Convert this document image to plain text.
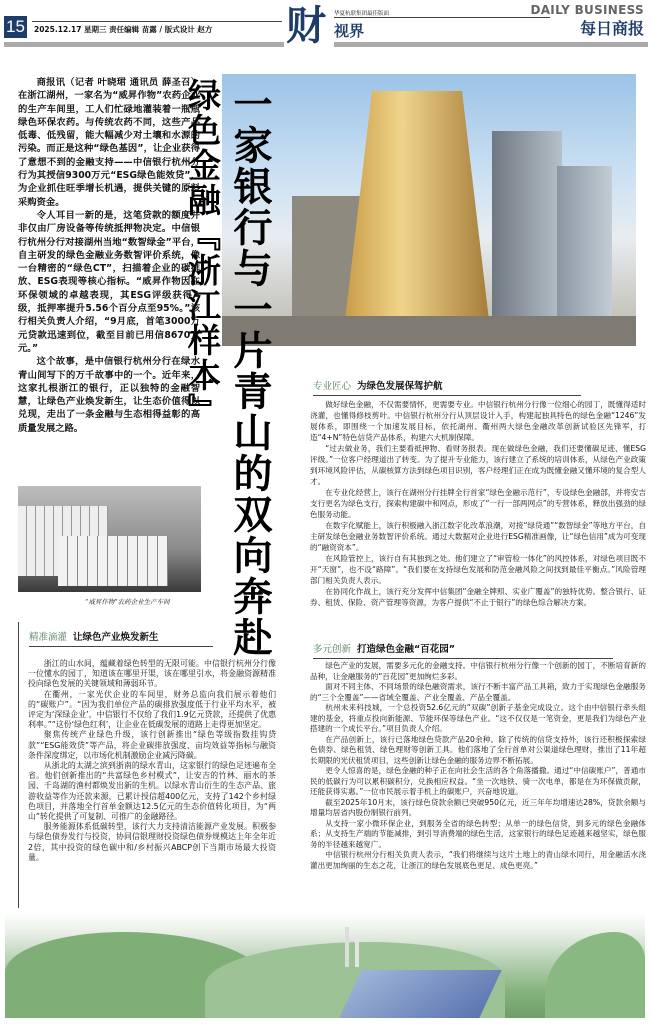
15 2025.12.17 星期三 责任编辑 苗露 / 版式设计 赵方 财 华夏杭联集团最佳版面
视界
DAILY BUSINESS
每日商报
一家银行与一片青山的双向奔赴
绿色金融『浙江样本』

商报讯（记者 叶晓珺 通讯员 薛圣召）在浙江湖州，一家名为“威昇作物”农药企业的生产车间里，工人们忙碌地灌装着一瓶瓶绿色环保农药。与传统农药不同，这些产品低毒、低残留，能大幅减少对土壤和水源的污染。而正是这种“绿色基因”，让企业获得了意想不到的金融支持——中信银行杭州分行为其授信9300万元“ESG绿色能效贷”，为企业抓住旺季增长机遇，提供关键的原料采购资金。

令人耳目一新的是，这笔贷款的额度并非仅由厂房设备等传统抵押物决定。中信银行杭州分行对接湖州当地“数智绿金”平台，自主研发的绿色金融业务数智评价系统，像一台精密的“绿色CT”，扫描着企业的碳排放、ESG表现等核心指标。“威昇作物因在环保领域的卓越表现，其ESG评级获得A级，抵押率提升5.56个百分点至95%。”该行相关负责人介绍，“9月底，首笔3000万元贷款迅速到位，截至目前已用信8670万元。”

这个故事，是中信银行杭州分行在绿水青山间写下的万千故事中的一个。近年来，这家扎根浙江的银行，正以独特的金融智慧，让绿色产业焕发新生，让生态价值得以兑现，走出了一条金融与生态相得益彰的高质量发展之路。

“威昇作物”农药企业生产车间
专业匠心 为绿色发展保驾护航

做好绿色金融，不仅需要情怀，更需要专业。中信银行杭州分行像一位细心的园丁，既懂得适时浇灌，也懂得修枝剪叶。中信银行杭州分行从顶层设计入手，构建起独具特色的绿色金融“1246”发展体系，即围绕一个加速发展目标，依托湖州、衢州两大绿色金融改革创新试验区先锋军，打造“4+N”特色信贷产品体系，构建六大机制保障。

“过去做业务，我们主要看抵押物、看财务报表。现在做绿色金融，我们还要懂碳足迹、懂ESG评级。”一位客户经理道出了转变。为了提升专业能力，该行建立了系统的培训体系，从绿色产业政策到环境风险评估，从碳核算方法到绿色项目识别，客户经理们正在成为既懂金融又懂环境的复合型人才。

在专业化经营上，该行在湖州分行挂牌全行首家“绿色金融示范行”，专设绿色金融部，并将安吉支行更名为绿色支行，探索构建碳中和网点，形成了“一行一部两网点”的专营体系，释放出强劲的绿色服务动能。

在数字化赋能上，该行积极融入浙江数字化改革浪潮，对接“绿贷通”“数智绿金”等地方平台，自主研发绿色金融业务数智评价系统。通过大数据对企业进行ESG精准画像，让“绿色信用”成为可变现的“融资资本”。

在风险管控上，该行自有其独到之处。他们建立了“审管检一体化”的风控体系，对绿色项目既不开“天窗”，也不设“路障”。“我们要在支持绿色发展和防范金融风险之间找到最佳平衡点。”风险管理部门相关负责人表示。

在协同化作战上，该行充分发挥中信集团“金融全牌照、实业广覆盖”的独特优势。整合银行、证券、租赁、保险、资产管理等资源，为客户提供“不止于银行”的绿色综合解决方案。

精准滴灌 让绿色产业焕发新生

浙江的山水间，蕴藏着绿色转型的无限可能。中信银行杭州分行像一位懂水的园丁，知道该在哪里开渠，该在哪里引水，将金融资源精准投向绿色发展的关键领域和薄弱环节。

在衢州，一家光伏企业的车间里，财务总监向我们展示着他们的“碳账户”。“因为我们单位产品的碳排放强度低于行业平均水平，被评定为‘深绿企业’，中信银行不仅给了我们1.9亿元贷款，还提供了优惠利率。”“这份‘绿色红利’，让企业在低碳发展的道路上走得更加坚定。

聚焦传统产业绿色升级，该行创新推出“绿色等级指数挂钩贷款”“ESG能效贷”等产品，将企业碳排放强度、亩均效益等指标与融资条件深度绑定，以市场化机制激励企业减污降碳。

从浙北的太湖之滨到浙南的绿水青山，这家银行的绿色足迹遍布全省。他们创新推出的“共富绿色乡村模式”，让安吉的竹林、丽水的茶园、千岛湖的渔村都焕发出新的生机。以绿水青山衍生的生态产品、旅游收益等作为还款来源，已累计授信超400亿元，支持了142个乡村绿色项目，并落地全行首单金额达12.5亿元的生态价值转化项目，为“两山”转化提供了可复制、可推广的金融路径。

服务能源体系低碳转型，该行大力支持清洁能源产业发展。积极参与绿色债券发行与投资，协同信银理财投资绿色债券规模达上年全年近2倍，其中投资的绿色碳中和/乡村振兴ABCP创下当期市场最大投资量。

多元创新 打造绿色金融“百花园”

绿色产业的发展，需要多元化的金融支持。中信银行杭州分行像一个创新的园丁，不断培育新的品种，让金融服务的“百花园”更加绚烂多彩。

面对不同主体、不同场景的绿色融资需求，该行不断丰富产品工具箱，致力于实现绿色金融服务的“三个全覆盖”——省域全覆盖、产业全覆盖、产品全覆盖。

杭州未来科技城，一个总投资52.6亿元的“双碳”创新子基金完成设立。这个由中信银行牵头组建的基金，将重点投向新能源、节能环保等绿色产业。“这不仅仅是一笔资金，更是我们为绿色产业搭建的一个成长平台。”项目负责人介绍。

在产品创新上，该行已落地绿色贷款产品20余种。除了传统的信贷支持外，该行还积极探索绿色债券、绿色租赁、绿色理财等创新工具。他们落地了全行首单对公渠道绿色理财，推出了11年超长期限的光伏租赁项目，这些创新让绿色金融的服务边界不断拓展。

更令人惊喜的是，绿色金融的种子正在向社会生活的各个角落播撒。通过“中信碳账户”，普通市民的低碳行为可以累积碳积分，兑换相应权益。“坐一次地铁、骑一次电单，都是在为环保做贡献，还能获得实惠。”一位市民展示着手机上的碳账户，兴奋地说道。

截至2025年10月末，该行绿色贷款余额已突破950亿元，近三年年均增速达28%，贷款余额与增量均居省内股份制银行前列。

从支持一家小微环保企业，到服务全省的绿色转型；从单一的绿色信贷，到多元的绿色金融体系；从支持生产端的节能减排，到引导消费端的绿色生活，这家银行的绿色足迹越来越坚实，绿色服务的半径越来越宽广。

中信银行杭州分行相关负责人表示，“我们将继续与这片土地上的青山绿水同行，用金融活水浇灌出更加绚丽的生态之花，让浙江的绿色发展底色更足、成色更亮。”
